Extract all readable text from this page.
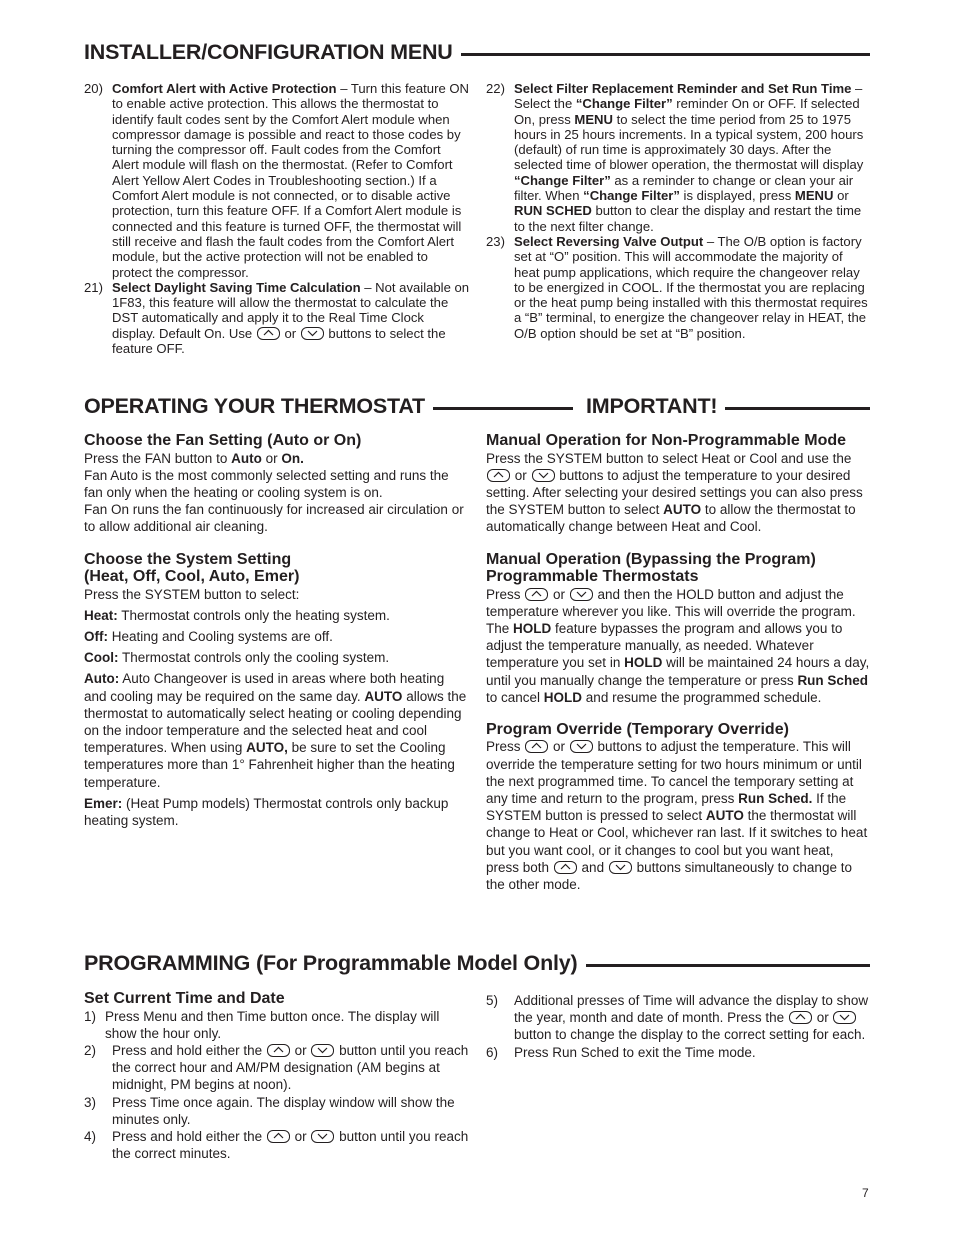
INSTALLER/CONFIGURATION MENU
20) Comfort Alert with Active Protection – Turn this feature ON to enable active protection. This allows the thermostat to identify fault codes sent by the Comfort Alert module when compressor damage is possible and react to those codes by turning the compressor off. Fault codes from the Comfort Alert module will flash on the thermostat. (Refer to Comfort Alert Yellow Alert Codes in Troubleshooting section.) If a Comfort Alert module is not connected, or to disable active protection, turn this feature OFF. If a Comfort Alert module is connected and this feature is turned OFF, the thermostat will still receive and flash the fault codes from the Comfort Alert module, but the active protection will not be enabled to protect the compressor.
21) Select Daylight Saving Time Calculation – Not available on 1F83, this feature will allow the thermostat to calculate the DST automatically and apply it to the Real Time Clock display. Default On. Use
or
buttons to select the feature OFF.
22) Select Filter Replacement Reminder and Set Run Time – Select the “Change Filter” reminder On or OFF. If selected On, press MENU to select the time period from 25 to 1975 hours in 25 hours increments. In a typical system, 200 hours (default) of run time is approximately 30 days. After the selected time of blower operation, the thermostat will display “Change Filter” as a reminder to change or clean your air filter. When “Change Filter” is displayed, press MENU or RUN SCHED button to clear the display and restart the time to the next filter change.
23) Select Reversing Valve Output – The O/B option is factory set at “O” position. This will accommodate the majority of heat pump applications, which require the changeover relay to be energized in COOL. If the thermostat you are replacing or the heat pump being installed with this thermostat requires a “B” terminal, to energize the changeover relay in HEAT, the O/B option should be set at “B” position.
OPERATING YOUR THERMOSTAT	IMPORTANT!
Choose the Fan Setting (Auto or On)

Press the FAN button to Auto or On.

Fan Auto is the most commonly selected setting and runs the fan only when the heating or cooling system is on.

Fan On runs the fan continuously for increased air circulation or to allow additional air cleaning.

Choose the System Setting
(Heat, Off, Cool, Auto, Emer)

Press the SYSTEM button to select:

Heat: Thermostat controls only the heating system.

Off: Heating and Cooling systems are off.

Cool: Thermostat controls only the cooling system.

Auto: Auto Changeover is used in areas where both heating and cooling may be required on the same day. AUTO allows the thermostat to automatically select heating or cooling depending on the indoor temperature and the selected heat and cool temperatures. When using AUTO, be sure to set the Cooling temperatures more than 1° Fahrenheit higher than the heating temperature.

Emer: (Heat Pump models) Thermostat controls only backup heating system.

Manual Operation for Non-Programmable Mode

Press the SYSTEM button to select Heat or Cool and use the
or
buttons to adjust the temperature to your desired setting. After selecting your desired settings you can also press the SYSTEM button to select AUTO to allow the thermostat to automatically change between Heat and Cool.

Manual Operation (Bypassing the Program)
Programmable Thermostats

Press
or
and then the HOLD button and adjust the temperature wherever you like. This will override the program. The HOLD feature bypasses the program and allows you to adjust the temperature manually, as needed. Whatever temperature you set in HOLD will be maintained 24 hours a day, until you manually change the temperature or press Run Sched to cancel HOLD and resume the programmed schedule.

Program Override (Temporary Override)

Press
or
buttons to adjust the temperature. This will override the temperature setting for two hours minimum or until the next programmed time. To cancel the temporary setting at any time and return to the program, press Run Sched. If the SYSTEM button is pressed to select AUTO the thermostat will change to Heat or Cool, whichever ran last. If it switches to heat but you want cool, or it changes to cool but you want heat, press both
and
buttons simultaneously to change to the other mode.

PROGRAMMING (For Programmable Model Only)
Set Current Time and Date
1) Press Menu and then Time button once. The display will show the hour only.
2)	Press and hold either the
or
button until you reach the correct hour and AM/PM designation (AM begins at midnight, PM begins at noon).
3)	Press Time once again. The display window will show the minutes only.
4)	Press and hold either the
or
button until you reach the correct minutes.
5)	Additional presses of Time will advance the display to show the year, month and date of month. Press the
or
button to change the display to the correct setting for each.
6)	Press Run Sched to exit the Time mode.
7
